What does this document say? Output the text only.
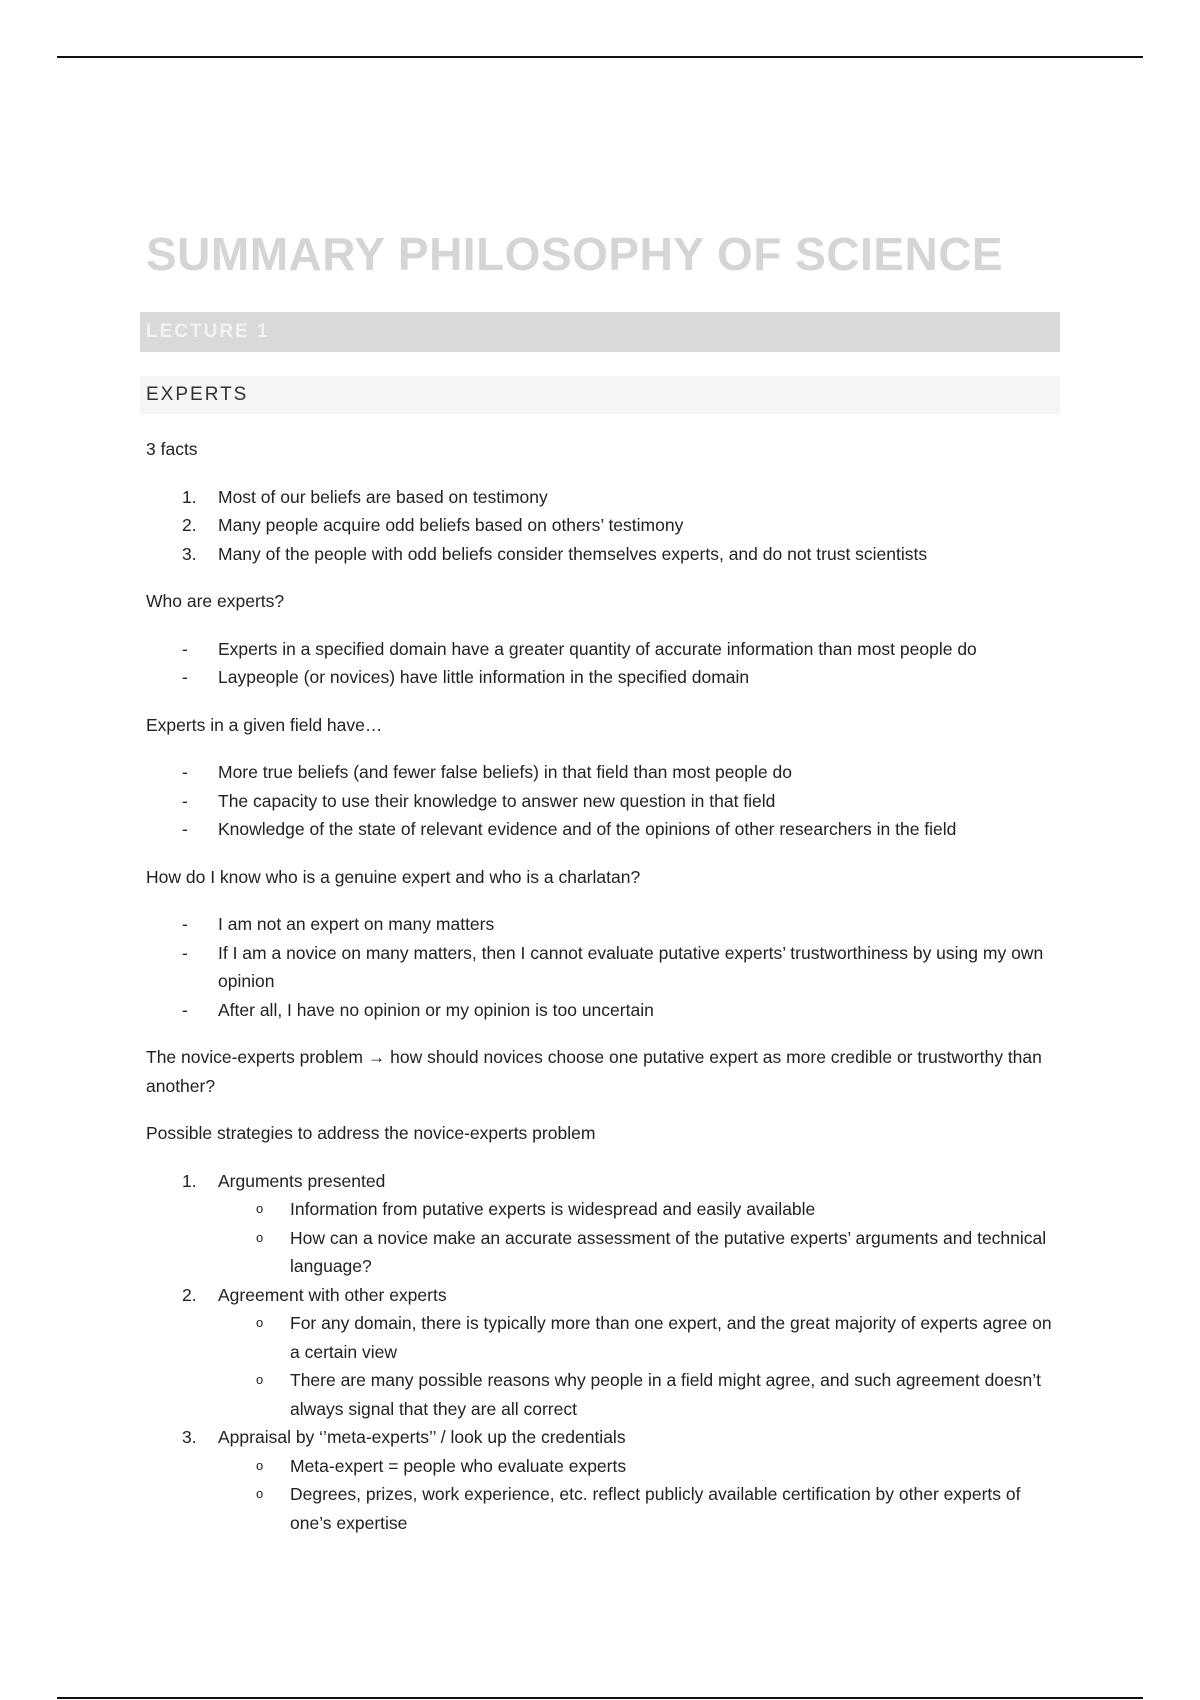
SUMMARY PHILOSOPHY OF SCIENCE
LECTURE 1
EXPERTS

3 facts

1. Most of our beliefs are based on testimony
2. Many people acquire odd beliefs based on others’ testimony
3. Many of the people with odd beliefs consider themselves experts, and do not trust scientists

Who are experts?

- Experts in a specified domain have a greater quantity of accurate information than most people do
- Laypeople (or novices) have little information in the specified domain

Experts in a given field have…

- More true beliefs (and fewer false beliefs) in that field than most people do
- The capacity to use their knowledge to answer new question in that field
- Knowledge of the state of relevant evidence and of the opinions of other researchers in the field

How do I know who is a genuine expert and who is a charlatan?

- I am not an expert on many matters
- If I am a novice on many matters, then I cannot evaluate putative experts’ trustworthiness by using my own opinion
- After all, I have no opinion or my opinion is too uncertain

The novice-experts problem → how should novices choose one putative expert as more credible or trustworthy than another?

Possible strategies to address the novice-experts problem

1. Arguments presented
o Information from putative experts is widespread and easily available
o How can a novice make an accurate assessment of the putative experts’ arguments and technical language?
2. Agreement with other experts
o For any domain, there is typically more than one expert, and the great majority of experts agree on a certain view
o There are many possible reasons why people in a field might agree, and such agreement doesn’t always signal that they are all correct
3. Appraisal by ‘’meta-experts’’ / look up the credentials
o Meta-expert = people who evaluate experts
o Degrees, prizes, work experience, etc. reflect publicly available certification by other experts of one’s expertise
